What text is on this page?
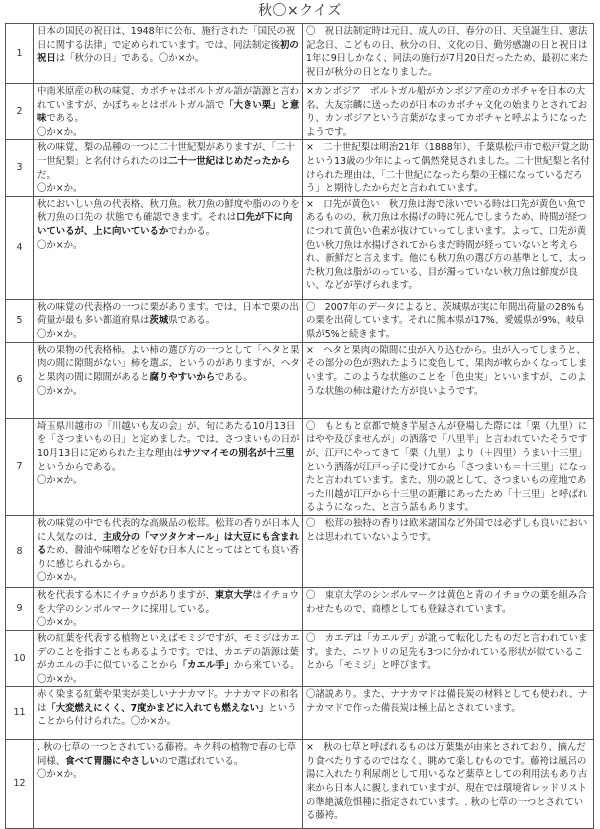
秋〇×クイズ
1	日本の国民の祝日は、1948年に公布、施行された「国民の祝日に関する法律」で定められています。では、同法制定後初の祝日は「秋分の日」である。〇か×か。	〇　祝日法制定時は元日、成人の日、春分の日、天皇誕生日、憲法記念日、こどもの日、秋分の日、文化の日、勤労感謝の日と祝日は1年に9日しかなく、同法の施行が7月20日だったため、最初に来た祝日が秋分の日となりました。
2	中南米原産の秋の味覚、カボチャはポルトガル語が語源と言われていますが、かぼちゃとはポルトガル語で「大きい栗」と意味である。
〇か×か。	×カンボジア　ポルトガル船がカンボジア産のカボチャを日本の大名、大友宗麟に送ったのが日本のカボチャ文化の始まりとされており、カンボジアという言葉がなまってカボチャと呼ぶようになったようです。
3	秋の味覚、梨の品種の一つに二十世紀梨がありますが、「二十一世紀梨」と名付けられたのは二十一世紀はじめだったからだ。
〇か×か。	×　二十世紀梨は明治21年（1888年）、千葉県松戸市で松戸覚之助という13歳の少年によって偶然発見されました。二十世紀梨と名付けられた理由は、「二十世紀になったら梨の王様になっているだろう」と期待したからだと言われています。
4	秋においしい魚の代表格、秋刀魚。秋刀魚の鮮度や脂ののりを秋刀魚の口先の 状態でも確認できます。それは口先が下に向いているが、上に向いているかでわかる。
〇か×か。	×　口先が黄色い　秋刀魚は海で泳いでいる時は口先が黄色い魚であるものの、秋刀魚は水揚げの時に死んでしまうため、時間が経つにつれて黄色い色素が抜けていってしまいます。よって、口先が黄色い秋刀魚は水揚げされてからまだ時間が経っていないと考えられ、新鮮だと言えます。他にも秋刀魚の選び方の基準として、太った秋刀魚は脂がのっている、目が濁っていない秋刀魚は鮮度が良い、などが挙げられます。
5	秋の味覚の代表格の一つに栗があります。では、日本で栗の出荷量が最も多い都道府県は茨城県である。
〇か×か。	〇　2007年のデータによると、茨城県が実に年間出荷量の28%もの栗を出荷しています。それに熊本県が17%、愛媛県が9%、岐阜県が5%と続きます。
6	秋の果物の代表格柿。よい柿の選び方の一つとして「ヘタと果肉の間に隙間がない」柿を選ぶ、というのがありますが、ヘタと果肉の間に隙間があると腐りやすいからである。
〇か×か。	×　ヘタと果肉の隙間に虫が入り込むから。虫が入ってしまうと、その部分の色が熟れたように変色して、果肉が軟らかくなってしまいます。このような状態のことを「色虫実」といいますが、このような状態の柿は避けた方が良いようです。
7	埼玉県川越市の「川越いも友の会」が、旬にあたる10月13日を「さつまいもの日」と定めました。では、さつまいもの日が10月13日に定められた主な理由はサツマイモの別名が十三里というからである。
〇か×か。	〇　もともと京都で焼き芋屋さんが登場した際には「栗（九里）にはやや及びませんが」の洒落で「八里半」と言われていたそうですが、江戸にやってきて「栗（九里）より（＋四里）うまい十三里」という洒落が江戸っ子に受けてから「さつまいも＝十三里」になったと言われています。また、別の説として、さつまいもの産地であった川越が江戸から十三里の距離にあったため「十三里」と呼ばれるようになった、と言う話もあります。
8	秋の味覚の中でも代表的な高級品の松茸。松茸の香りが日本人に人気なのは、主成分の「マツタケオール」は大豆にも含まれるため、醤油や味噌などを好む日本人にとってはとても良い香りに感じられるから。
〇か×か。	〇　松茸の独特の香りは欧米諸国など外国では必ずしも良いにおいとは思われていないようです。
9	秋を代表する木にイチョウがありますが、東京大学はイチョウを大学のシンボルマークに採用している。
〇か×か。	〇　東京大学のシンボルマークは黄色と青のイチョウの葉を組み合わせたもので、商標としても登録されています。
10	秋の紅葉を代表する植物といえばモミジですが、モミジはカエデのことを指すこともあるようです。では、カエデの語源は葉がカエルの手に似ていることから「カエル手」から来ている。〇か×か。	〇　カエデは「カエルデ」が訛って転化したものだと言われています。また、ニワトリの足先も3つに分かれている形状が似ていることから「モミジ」と呼びます。
11	赤く染まる紅葉や果実が美しいナナカマド。ナナカマドの和名は「大変燃えにくく、7度かまどに入れても燃えない」ということから付けられた。〇か×か。	〇諸説あり。また、ナナカマドは備長炭の材料としても使われ、ナナカマドで作った備長炭は極上品とされています。
12	. 秋の七草の一つとされている藤袴。キク科の植物で春の七草同様、食べて胃腸にやさしいので選ばれている。
〇か×か。	×　秋の七草と呼ばれるものは万葉集が由来とされており、摘んだり食べたりするのではなく、眺めて楽しむものです。藤袴は風呂の湯に入れたり利尿剤として用いるなど薬草としての利用法もあり古来から日本人に親しまれていますが、現在では環境省レッドリストの準絶滅危惧種に指定されています。. 秋の七草の一つとされている藤袴。
